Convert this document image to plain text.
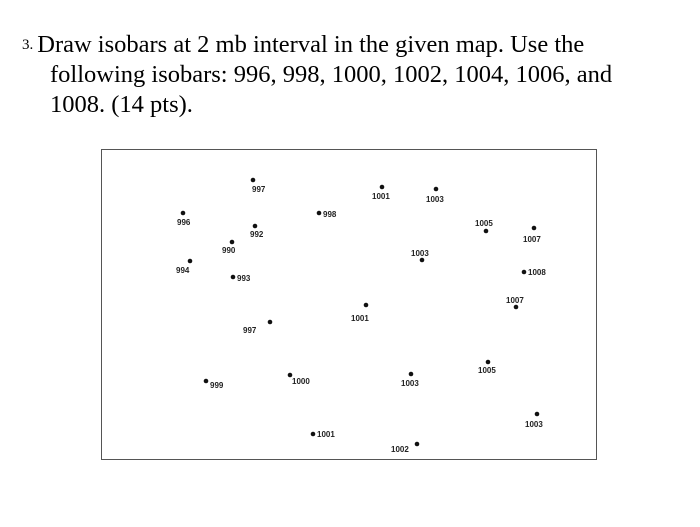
3. Draw isobars at 2 mb interval in the given map. Use the
following isobars: 996, 998, 1000, 1002, 1004, 1006, and
1008. (14 pts).
997
996
992
990
994
993
998
1001	1003
1005
1007
1003
1008
1007
1001
997
999	1000	1003
1005
1003
1001
1002
